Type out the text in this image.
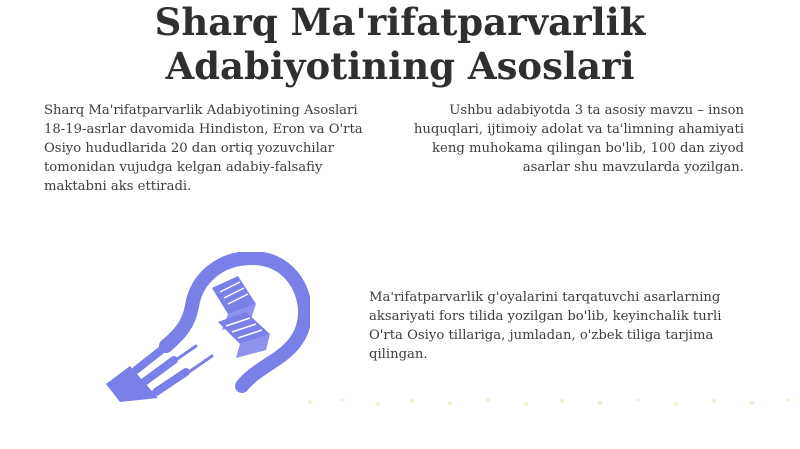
Sharq Ma'rifatparvarlik
Adabiyotining Asoslari

Sharq Ma'rifatparvarlik Adabiyotining Asoslari 18-19-asrlar davomida Hindiston, Eron va O'rta Osiyo hududlarida 20 dan ortiq yozuvchilar tomonidan vujudga kelgan adabiy-falsafiy maktabni aks ettiradi.

Ushbu adabiyotda 3 ta asosiy mavzu – inson huquqlari, ijtimoiy adolat va ta'limning ahamiyati keng muhokama qilingan bo'lib, 100 dan ziyod asarlar shu mavzularda yozilgan.

Ma'rifatparvarlik g'oyalarini tarqatuvchi asarlarning aksariyati fors tilida yozilgan bo'lib, keyinchalik turli O'rta Osiyo tillariga, jumladan, o'zbek tiliga tarjima qilingan.
